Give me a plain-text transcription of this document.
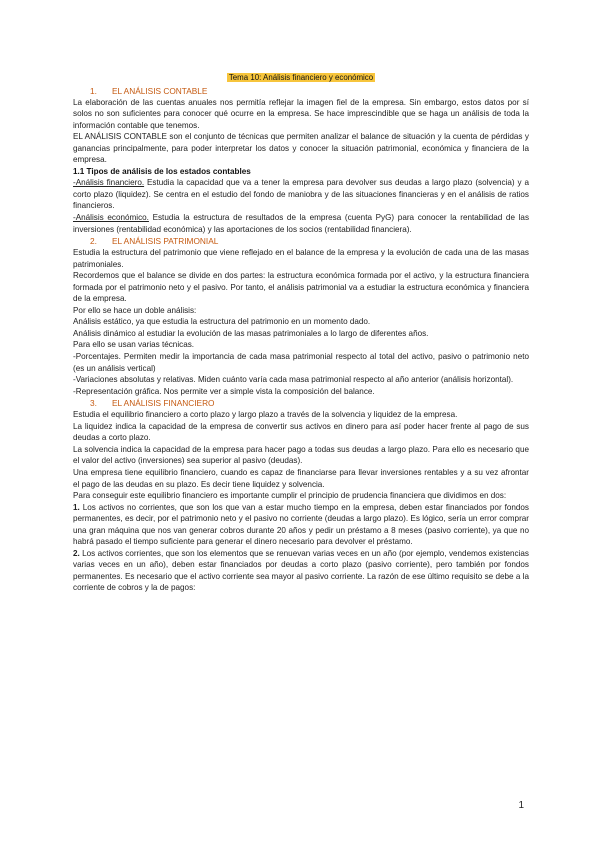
Tema 10: Análisis financiero y económico
1. EL ANÁLISIS CONTABLE

La elaboración de las cuentas anuales nos permitía reflejar la imagen fiel de la empresa. Sin embargo, estos datos por sí solos no son suficientes para conocer qué ocurre en la empresa. Se hace imprescindible que se haga un análisis de toda la información contable que tenemos.

EL ANÁLISIS CONTABLE son el conjunto de técnicas que permiten analizar el balance de situación y la cuenta de pérdidas y ganancias principalmente, para poder interpretar los datos y conocer la situación patrimonial, económica y financiera de la empresa.

1.1 Tipos de análisis de los estados contables

-Análisis financiero. Estudia la capacidad que va a tener la empresa para devolver sus deudas a largo plazo (solvencia) y a corto plazo (liquidez). Se centra en el estudio del fondo de maniobra y de las situaciones financieras y en el análisis de ratios financieros.

-Análisis económico. Estudia la estructura de resultados de la empresa (cuenta PyG) para conocer la rentabilidad de las inversiones (rentabilidad económica) y las aportaciones de los socios (rentabilidad financiera).

2. EL ANÁLISIS PATRIMONIAL

Estudia la estructura del patrimonio que viene reflejado en el balance de la empresa y la evolución de cada una de las masas patrimoniales.

Recordemos que el balance se divide en dos partes: la estructura económica formada por el activo, y la estructura financiera formada por el patrimonio neto y el pasivo. Por tanto, el análisis patrimonial va a estudiar la estructura económica y financiera de la empresa.

Por ello se hace un doble análisis:

Análisis estático, ya que estudia la estructura del patrimonio en un momento dado.

Análisis dinámico al estudiar la evolución de las masas patrimoniales a lo largo de diferentes años.

Para ello se usan varias técnicas.

-Porcentajes. Permiten medir la importancia de cada masa patrimonial respecto al total del activo, pasivo o patrimonio neto (es un análisis vertical)

-Variaciones absolutas y relativas. Miden cuánto varía cada masa patrimonial respecto al año anterior (análisis horizontal).

-Representación gráfica. Nos permite ver a simple vista la composición del balance.

3. EL ANÁLISIS FINANCIERO

Estudia el equilibrio financiero a corto plazo y largo plazo a través de la solvencia y liquidez de la empresa.

La liquidez indica la capacidad de la empresa de convertir sus activos en dinero para así poder hacer frente al pago de sus deudas a corto plazo.

La solvencia indica la capacidad de la empresa para hacer pago a todas sus deudas a largo plazo. Para ello es necesario que el valor del activo (inversiones) sea superior al pasivo (deudas).

Una empresa tiene equilibrio financiero, cuando es capaz de financiarse para llevar inversiones rentables y a su vez afrontar el pago de las deudas en su plazo. Es decir tiene liquidez y solvencia.

Para conseguir este equilibrio financiero es importante cumplir el principio de prudencia financiera que dividimos en dos:

1. Los activos no corrientes, que son los que van a estar mucho tiempo en la empresa, deben estar financiados por fondos permanentes, es decir, por el patrimonio neto y el pasivo no corriente (deudas a largo plazo). Es lógico, sería un error comprar una gran máquina que nos van generar cobros durante 20 años y pedir un préstamo a 8 meses (pasivo corriente), ya que no habrá pasado el tiempo suficiente para generar el dinero necesario para devolver el préstamo.

2. Los activos corrientes, que son los elementos que se renuevan varias veces en un año (por ejemplo, vendemos existencias varias veces en un año), deben estar financiados por deudas a corto plazo (pasivo corriente), pero también por fondos permanentes. Es necesario que el activo corriente sea mayor al pasivo corriente. La razón de ese último requisito se debe a la corriente de cobros y la de pagos:

1
